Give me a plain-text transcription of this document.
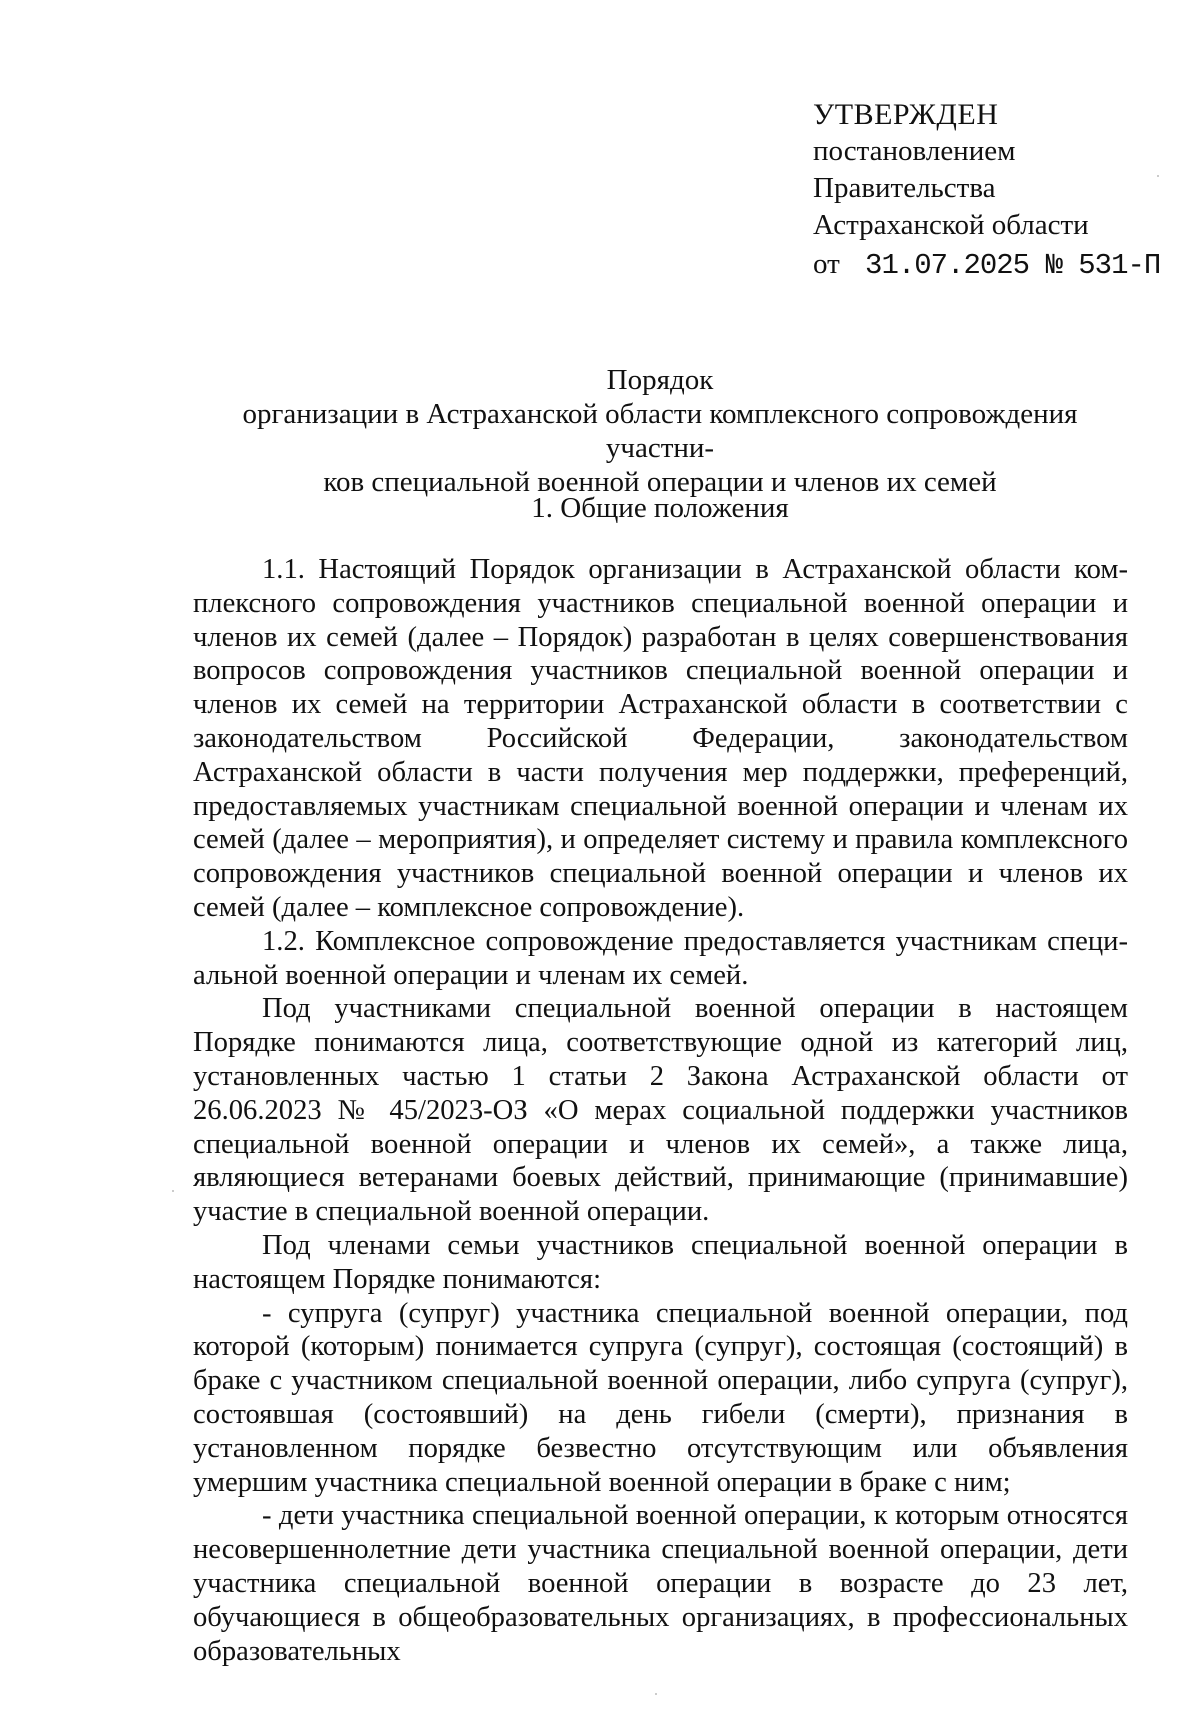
УТВЕРЖДЕН
постановлением
Правительства
Астраханской области
от 31.07.2025 № 531-П
Порядок
организации в Астраханской области комплексного сопровождения участни-
ков специальной военной операции и членов их семей
1. Общие положения

1.1. Настоящий Порядок организации в Астраханской области комплексного сопровождения участников специальной военной операции и членов их семей (далее – Порядок) разработан в целях совершенствования вопросов сопровождения участников специальной военной операции и членов их семей на территории Астраханской области в соответствии с законодательством Российской Федерации, законодательством Астраханской области в части получения мер поддержки, преференций, предоставляемых участникам специальной военной операции и членам их семей (далее – мероприятия), и определяет систему и правила комплексного сопровождения участников специальной военной операции и членов их семей (далее – комплексное сопровождение).

1.2. Комплексное сопровождение предоставляется участникам специальной военной операции и членам их семей.

Под участниками специальной военной операции в настоящем Порядке понимаются лица, соответствующие одной из категорий лиц, установленных частью 1 статьи 2 Закона Астраханской области от 26.06.2023 № 45/2023-ОЗ «О мерах социальной поддержки участников специальной военной операции и членов их семей», а также лица, являющиеся ветеранами боевых действий, принимающие (принимавшие) участие в специальной военной операции.

Под членами семьи участников специальной военной операции в настоящем Порядке понимаются:

- супруга (супруг) участника специальной военной операции, под которой (которым) понимается супруга (супруг), состоящая (состоящий) в браке с участником специальной военной операции, либо супруга (супруг), состоявшая (состоявший) на день гибели (смерти), признания в установленном порядке безвестно отсутствующим или объявления умершим участника специальной военной операции в браке с ним;

- дети участника специальной военной операции, к которым относятся несовершеннолетние дети участника специальной военной операции, дети участника специальной военной операции в возрасте до 23 лет, обучающиеся в общеобразовательных организациях, в профессиональных образовательных
